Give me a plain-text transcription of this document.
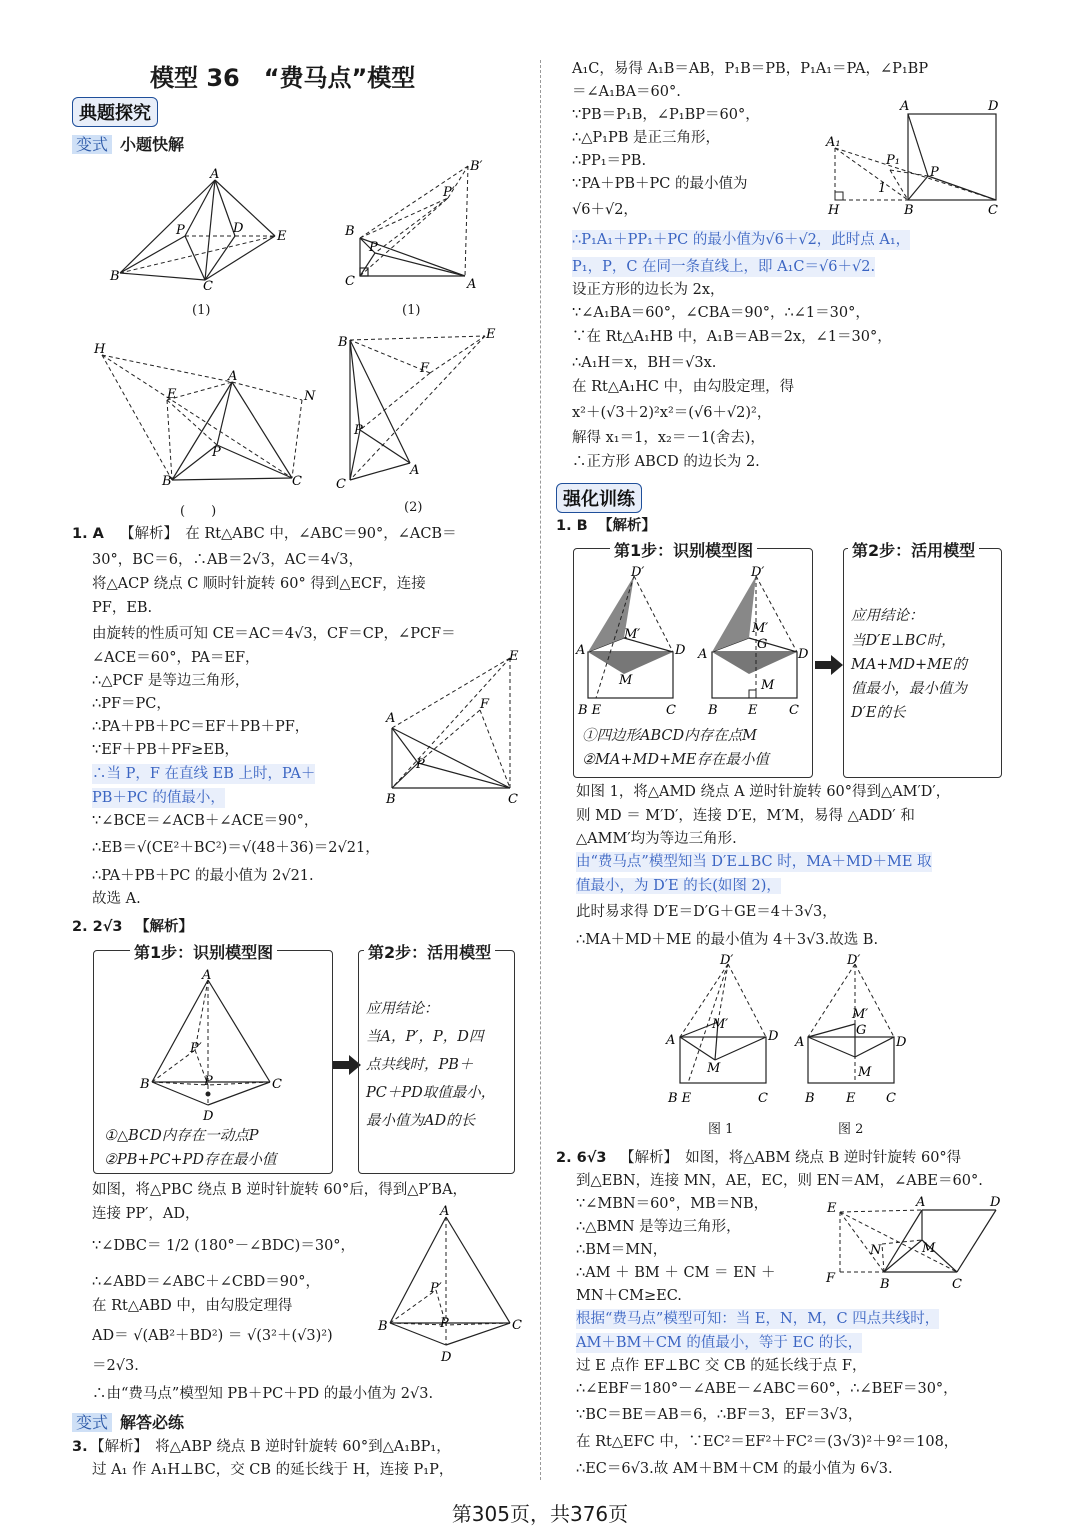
模型 36　“费马点”模型
典题探究
变式 小题快解
A
B
C
D
E
P
(1)
B
C	A
B′
P′
P
(1)
H
A
B	C
E
P
N
(　　)
B
C
A
E
F
P
(2)
1. A 【解析】　在 Rt△ABC 中，∠ABC＝90°，∠ACB＝
30°，BC＝6，∴AB＝2√3，AC＝4√3，
将△ACP 绕点 C 顺时针旋转 60° 得到△ECF，连接
PF，EB.
由旋转的性质可知 CE＝AC＝4√3，CF＝CP，∠PCF＝
∠ACE＝60°，PA＝EF，
∴△PCF 是等边三角形，
∴PF＝PC，
∴PA＋PB＋PC＝EF＋PB＋PF，
∵EF＋PB＋PF≥EB，
∴当 P，F 在直线 EB 上时，PA＋
PB＋PC 的值最小，
∵∠BCE＝∠ACB＋∠ACE＝90°，
∴EB＝√(CE²＋BC²)＝√(48＋36)＝2√21，
∴PA＋PB＋PC 的最小值为 2√21.
故选 A.
A
B	C
E
F
P
2. 2√3 【解析】
第1步：识别模型图
A
B	C
D
P′
P
①△BCD内存在一动点P
②PB+PC+PD存在最小值
第2步：活用模型
应用结论：
当A，P′，P，D四
点共线时，PB＋
PC＋PD取值最小，
最小值为AD的长
如图，将△PBC 绕点 B 逆时针旋转 60°后，得到△P′BA，
连接 PP′，AD，
∵∠DBC＝ 1/2 (180°－∠BDC)＝30°，
∴∠ABD＝∠ABC＋∠CBD＝90°，
在 Rt△ABD 中，由勾股定理得
AD＝ √(AB²＋BD²) ＝ √(3²＋(√3)²)
＝2√3.
∴由“费马点”模型知 PB＋PC＋PD 的最小值为 2√3.
A
B	C
D
P′
P
变式 解答必练
3. 【解析】　将△ABP 绕点 B 逆时针旋转 60°到△A₁BP₁，
过 A₁ 作 A₁H⊥BC，交 CB 的延长线于 H，连接 P₁P，
A₁C，易得 A₁B＝AB，P₁B＝PB，P₁A₁＝PA，∠P₁BP
＝∠A₁BA＝60°.
∵PB＝P₁B，∠P₁BP＝60°，
∴△P₁PB 是正三角形，
∴PP₁＝PB.
∵PA＋PB＋PC 的最小值为
√6＋√2，
∴P₁A₁＋PP₁＋PC 的最小值为√6＋√2，此时点 A₁，
P₁，P，C 在同一条直线上，即 A₁C＝√6＋√2.
设正方形的边长为 2x，
∵∠A₁BA＝60°，∠CBA＝90°，∴∠1＝30°，
∵在 Rt△A₁HB 中，A₁B＝AB＝2x，∠1＝30°，
∴A₁H＝x，BH＝√3x.
在 Rt△A₁HC 中，由勾股定理，得
x²＋(√3＋2)²x²＝(√6＋√2)²，
解得 x₁＝1，x₂＝－1(舍去)，
∴正方形 ABCD 的边长为 2.
A	D
A₁
P₁
P
H	B	C
1
强化训练
1. B 【解析】
第1步：识别模型图
D′
A	D
M′
M
B E	C
D′
A	D
M′
G
M
B E C
①四边形ABCD内存在点M
②MA+MD+ME存在最小值
第2步：活用模型
应用结论：
当D′E⊥BC时，
MA+MD+ME的
值最小，最小值为
D′E的长
如图 1，将△AMD 绕点 A 逆时针旋转 60°得到△AM′D′，
则 MD ＝ M′D′，连接 D′E，M′M，易得 △ADD′ 和
△AMM′均为等边三角形.
由“费马点”模型知当 D′E⊥BC 时，MA＋MD＋ME 取
值最小，为 D′E 的长(如图 2)，
此时易求得 D′E＝D′G＋GE＝4＋3√3，
∴MA＋MD＋ME 的最小值为 4＋3√3.故选 B.
D′
A	D
M′
M
B E	C
D′
A	D
M′
G
M
B E C
图 1	图 2
2. 6√3 【解析】　如图，将△ABM 绕点 B 逆时针旋转 60°得
到△EBN，连接 MN，AE，EC，则 EN＝AM，∠ABE＝60°.
∵∠MBN＝60°，MB＝NB，
∴△BMN 是等边三角形，
∴BM＝MN，
∴AM ＋ BM ＋ CM ＝ EN ＋
MN＋CM≥EC.
根据“费马点”模型可知：当 E，N，M，C 四点共线时，
AM＋BM＋CM 的值最小，等于 EC 的长，
过 E 点作 EF⊥BC 交 CB 的延长线于点 F，
∴∠EBF＝180°－∠ABE－∠ABC＝60°，∴∠BEF＝30°，
∵BC＝BE＝AB＝6，∴BF＝3，EF＝3√3，
在 Rt△EFC 中，∵EC²＝EF²＋FC²＝(3√3)²＋9²＝108，
∴EC＝6√3.故 AM＋BM＋CM 的最小值为 6√3.
A	D
E
N	M
F	B	C
第305页，共376页
